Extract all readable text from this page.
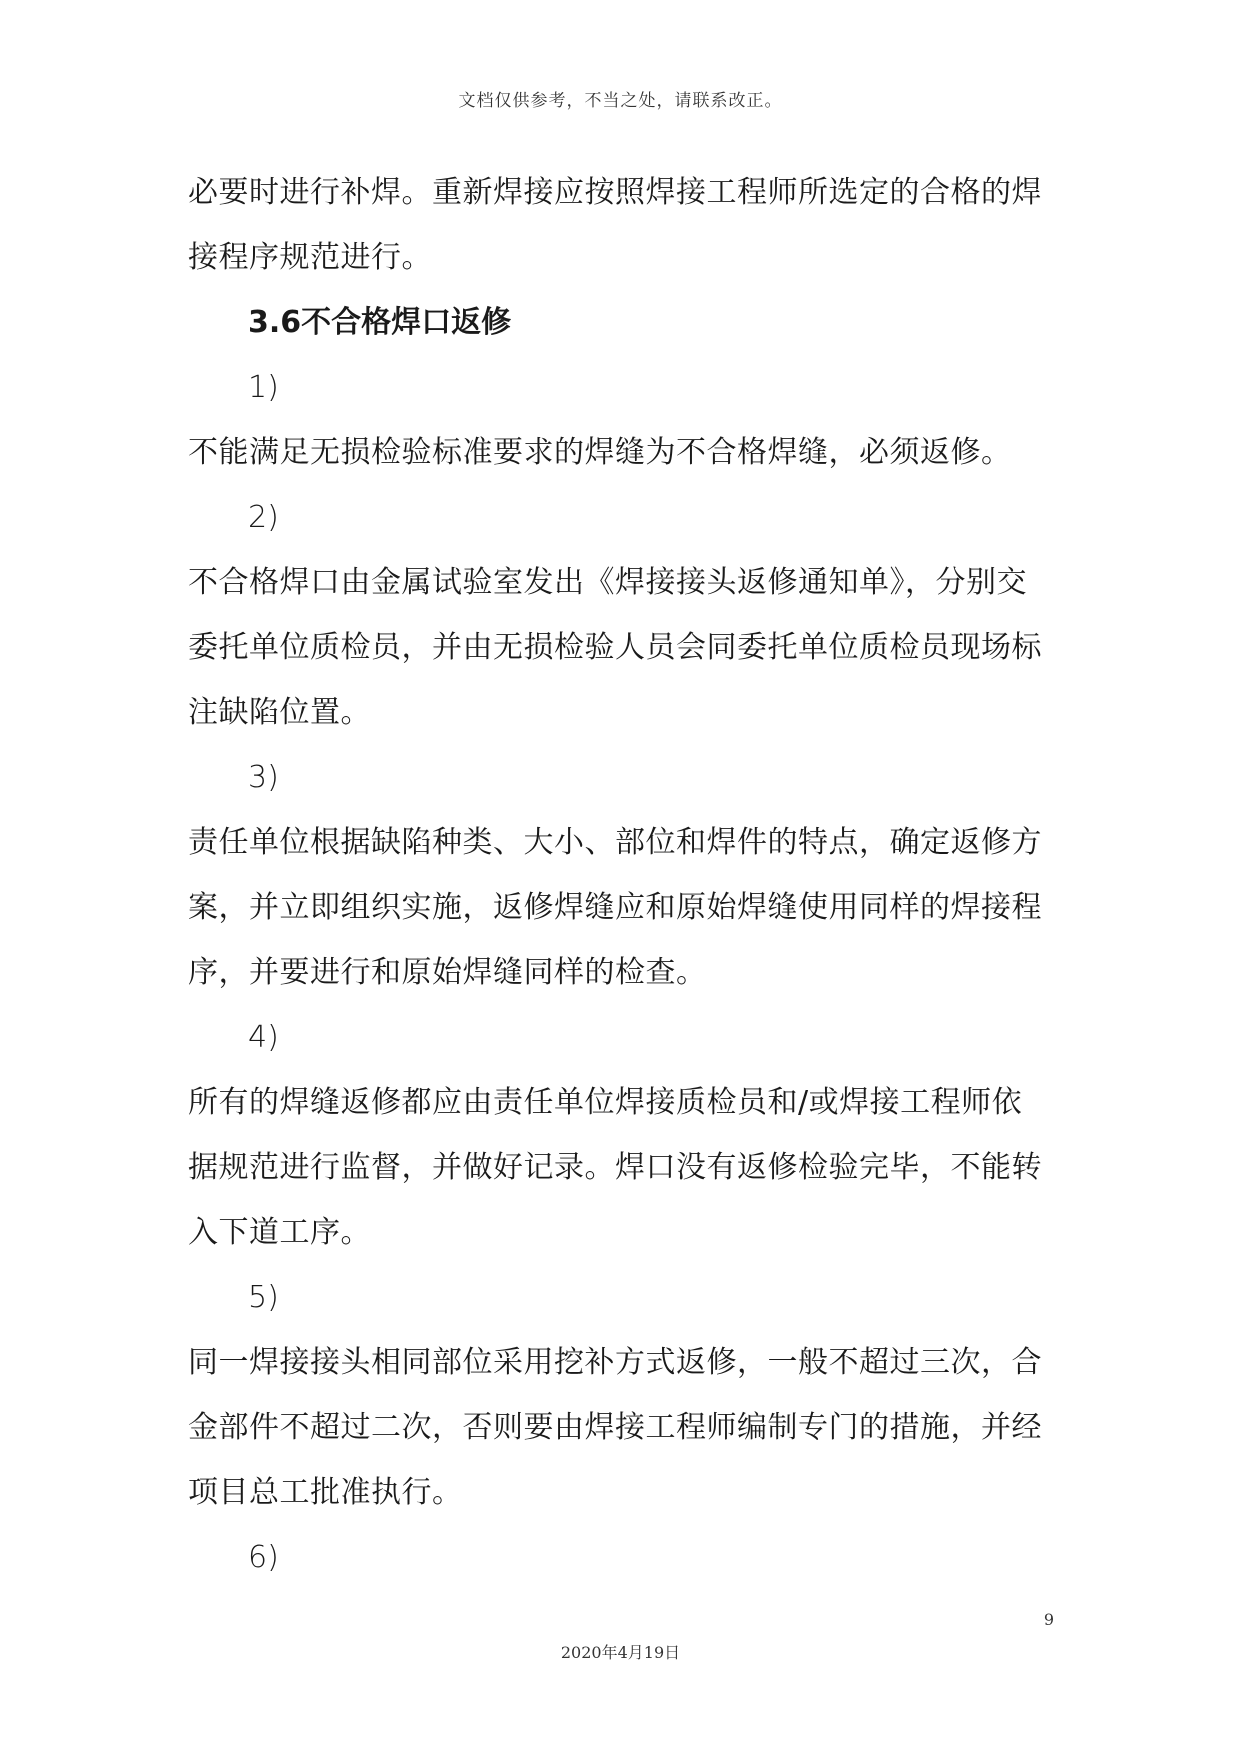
文档仅供参考，不当之处，请联系改正。

必要时进行补焊。重新焊接应按照焊接工程师所选定的合格的焊接程序规范进行。

3.6不合格焊口返修

1)

不能满足无损检验标准要求的焊缝为不合格焊缝，必须返修。

2)

不合格焊口由金属试验室发出《焊接接头返修通知单》，分别交委托单位质检员，并由无损检验人员会同委托单位质检员现场标注缺陷位置。

3)

责任单位根据缺陷种类、大小、部位和焊件的特点，确定返修方案，并立即组织实施，返修焊缝应和原始焊缝使用同样的焊接程序，并要进行和原始焊缝同样的检查。

4)

所有的焊缝返修都应由责任单位焊接质检员和/或焊接工程师依据规范进行监督，并做好记录。焊口没有返修检验完毕，不能转入下道工序。

5)

同一焊接接头相同部位采用挖补方式返修，一般不超过三次，合金部件不超过二次，否则要由焊接工程师编制专门的措施，并经项目总工批准执行。

6)

9
2020年4月19日
